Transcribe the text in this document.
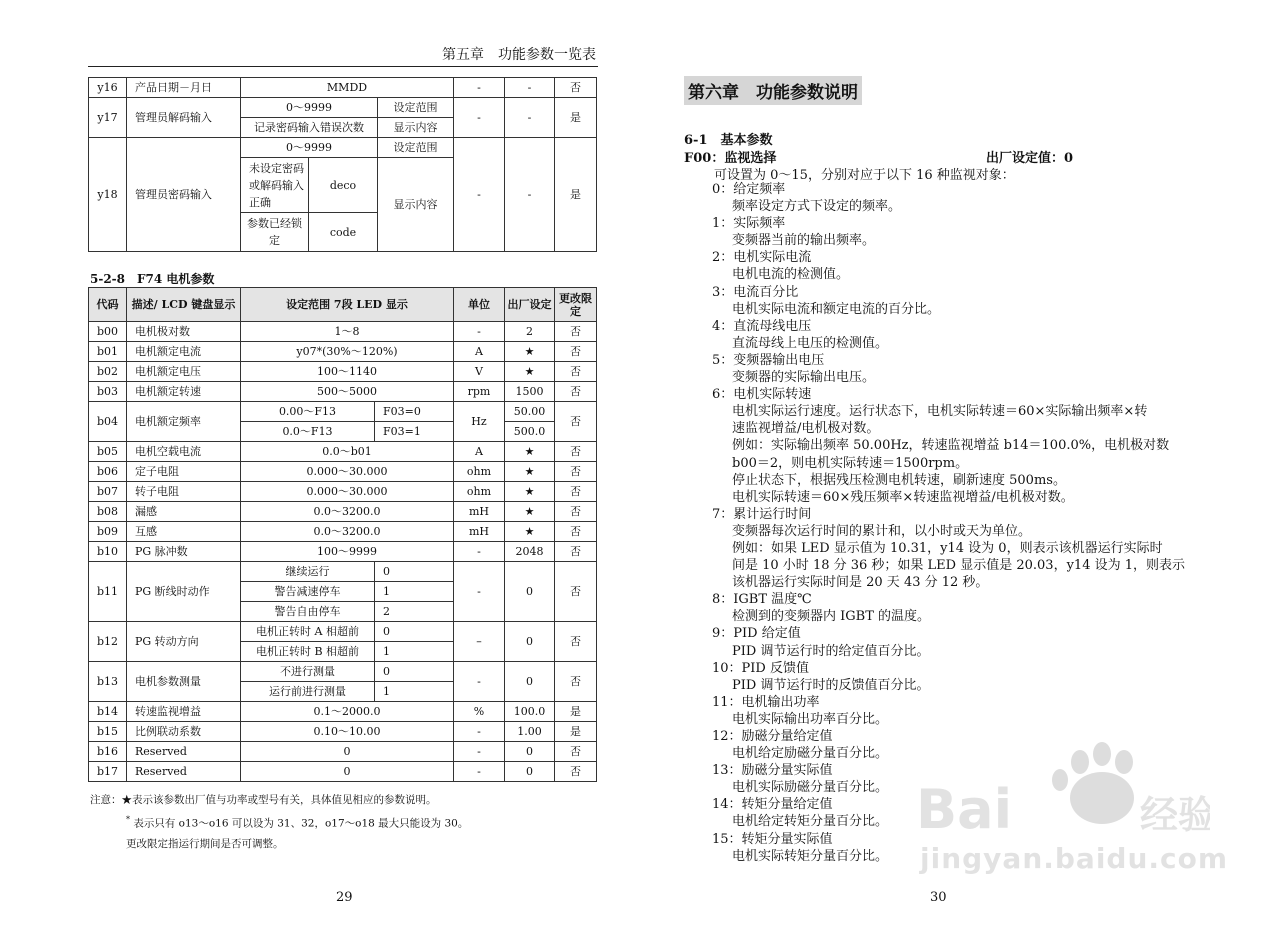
第五章　功能参数一览表
y16	产品日期－月日	MMDD			-	-	否
y17	管理员解码输入	0～9999		设定范围	-	-	是
		记录密码输入错误次数		显示内容			
y18	管理员密码输入	0～9999		设定范围	-	-	是
		未设定密码或解码输入正确	deco	显示内容			
		参数已经锁定	code				
5-2-8　F74 电机参数
代码	描述/ LCD 键盘显示	设定范围 7段 LED 显示		单位	出厂设定	更改限定
b00	电机极对数	1～8		-	2	否
b01	电机额定电流	y07*(30%～120%)		A	★	否
b02	电机额定电压	100～1140		V	★	否
b03	电机额定转速	500～5000		rpm	1500	否
b04	电机额定频率	0.00～F13	F03=0	Hz	50.00	否
		0.0～F13	F03=1		500.0	
b05	电机空载电流	0.0～b01		A	★	否
b06	定子电阻	0.000～30.000		ohm	★	否
b07	转子电阻	0.000～30.000		ohm	★	否
b08	漏感	0.0～3200.0		mH	★	否
b09	互感	0.0～3200.0		mH	★	否
b10	PG 脉冲数	100～9999		-	2048	否
b11	PG 断线时动作	继续运行	0	-	0	否
		警告减速停车	1			
		警告自由停车	2			
b12	PG 转动方向	电机正转时 A 相超前	0	–	0	否
		电机正转时 B 相超前	1			
b13	电机参数测量	不进行测量	0	-	0	否
		运行前进行测量	1			
b14	转速监视增益	0.1～2000.0		%	100.0	是
b15	比例联动系数	0.10～10.00		-	1.00	是
b16	Reserved	0		-	0	否
b17	Reserved	0		-	0	否
注意：★表示该参数出厂值与功率或型号有关，具体值见相应的参数说明。
* 表示只有 o13～o16 可以设为 31、32，o17～o18 最大只能设为 30。
更改限定指运行期间是否可调整。
29
第六章　功能参数说明
6-1　基本参数
F00：监视选择	出厂设定值：0
可设置为 0～15，分别对应于以下 16 种监视对象：
0：给定频率
频率设定方式下设定的频率。
1：实际频率
变频器当前的输出频率。
2：电机实际电流
电机电流的检测值。
3：电流百分比
电机实际电流和额定电流的百分比。
4：直流母线电压
直流母线上电压的检测值。
5：变频器输出电压
变频器的实际输出电压。
6：电机实际转速
电机实际运行速度。运行状态下，电机实际转速＝60×实际输出频率×转
速监视增益/电机极对数。
例如：实际输出频率 50.00Hz，转速监视增益 b14＝100.0%，电机极对数
b00＝2，则电机实际转速＝1500rpm。
停止状态下，根据残压检测电机转速，刷新速度 500ms。
电机实际转速＝60×残压频率×转速监视增益/电机极对数。
7：累计运行时间
变频器每次运行时间的累计和，以小时或天为单位。
例如：如果 LED 显示值为 10.31，y14 设为 0，则表示该机器运行实际时
间是 10 小时 18 分 36 秒；如果 LED 显示值是 20.03，y14 设为 1，则表示
该机器运行实际时间是 20 天 43 分 12 秒。
8：IGBT 温度℃
检测到的变频器内 IGBT 的温度。
9：PID 给定值
PID 调节运行时的给定值百分比。
10：PID 反馈值
PID 调节运行时的反馈值百分比。
11：电机输出功率
电机实际输出功率百分比。
12：励磁分量给定值
电机给定励磁分量百分比。
13：励磁分量实际值
电机实际励磁分量百分比。
14：转矩分量给定值
电机给定转矩分量百分比。
15：转矩分量实际值
电机实际转矩分量百分比。
30
Bai	经验
jingyan.baidu.com
